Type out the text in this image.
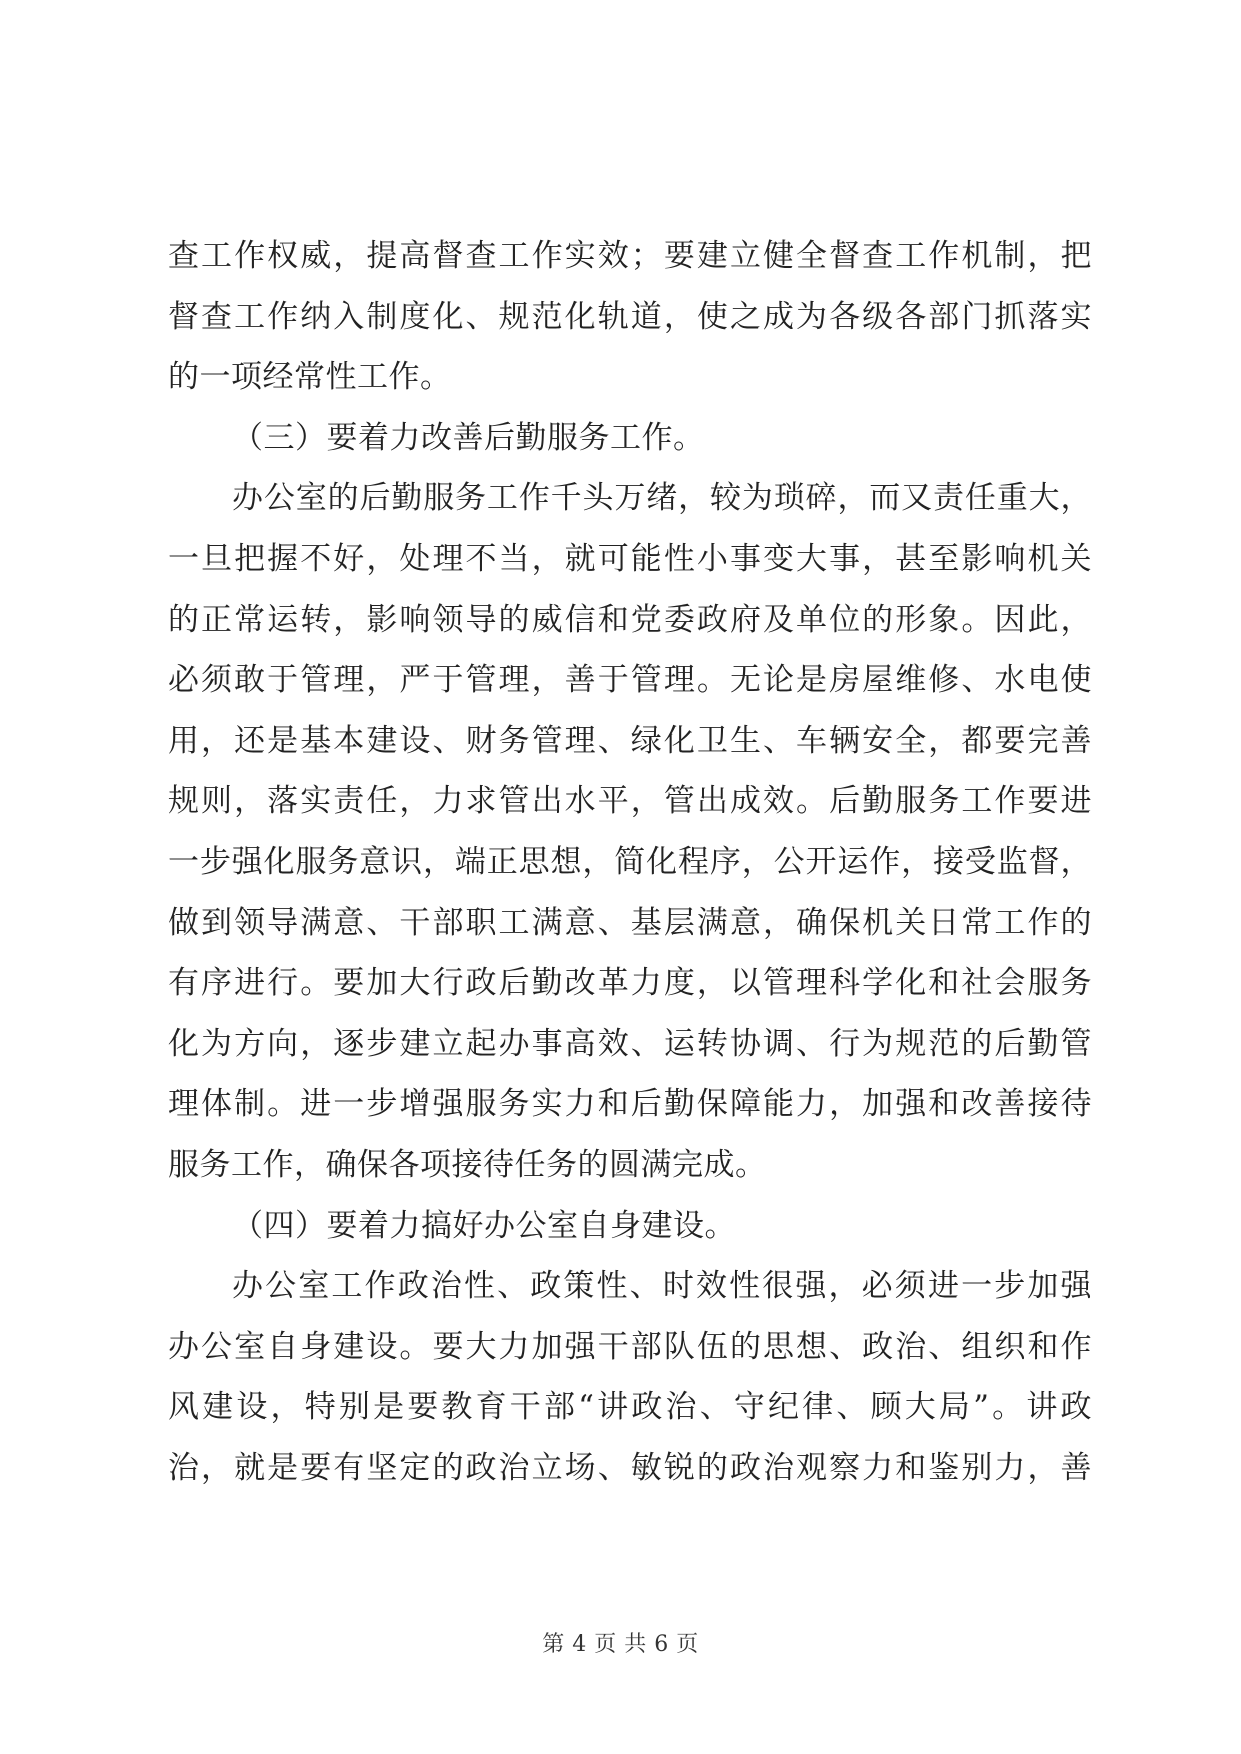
查工作权威，提高督查工作实效；要建立健全督查工作机制，把
督查工作纳入制度化、规范化轨道，使之成为各级各部门抓落实
的一项经常性工作。
（三）要着力改善后勤服务工作。
办公室的后勤服务工作千头万绪，较为琐碎，而又责任重大，
一旦把握不好，处理不当，就可能性小事变大事，甚至影响机关
的正常运转，影响领导的威信和党委政府及单位的形象。因此，
必须敢于管理，严于管理，善于管理。无论是房屋维修、水电使
用，还是基本建设、财务管理、绿化卫生、车辆安全，都要完善
规则，落实责任，力求管出水平，管出成效。后勤服务工作要进
一步强化服务意识，端正思想，简化程序，公开运作，接受监督，
做到领导满意、干部职工满意、基层满意，确保机关日常工作的
有序进行。要加大行政后勤改革力度，以管理科学化和社会服务
化为方向，逐步建立起办事高效、运转协调、行为规范的后勤管
理体制。进一步增强服务实力和后勤保障能力，加强和改善接待
服务工作，确保各项接待任务的圆满完成。
（四）要着力搞好办公室自身建设。
办公室工作政治性、政策性、时效性很强，必须进一步加强
办公室自身建设。要大力加强干部队伍的思想、政治、组织和作
风建设，特别是要教育干部“讲政治、守纪律、顾大局”。讲政
治，就是要有坚定的政治立场、敏锐的政治观察力和鉴别力，善
第 4 页 共 6 页
